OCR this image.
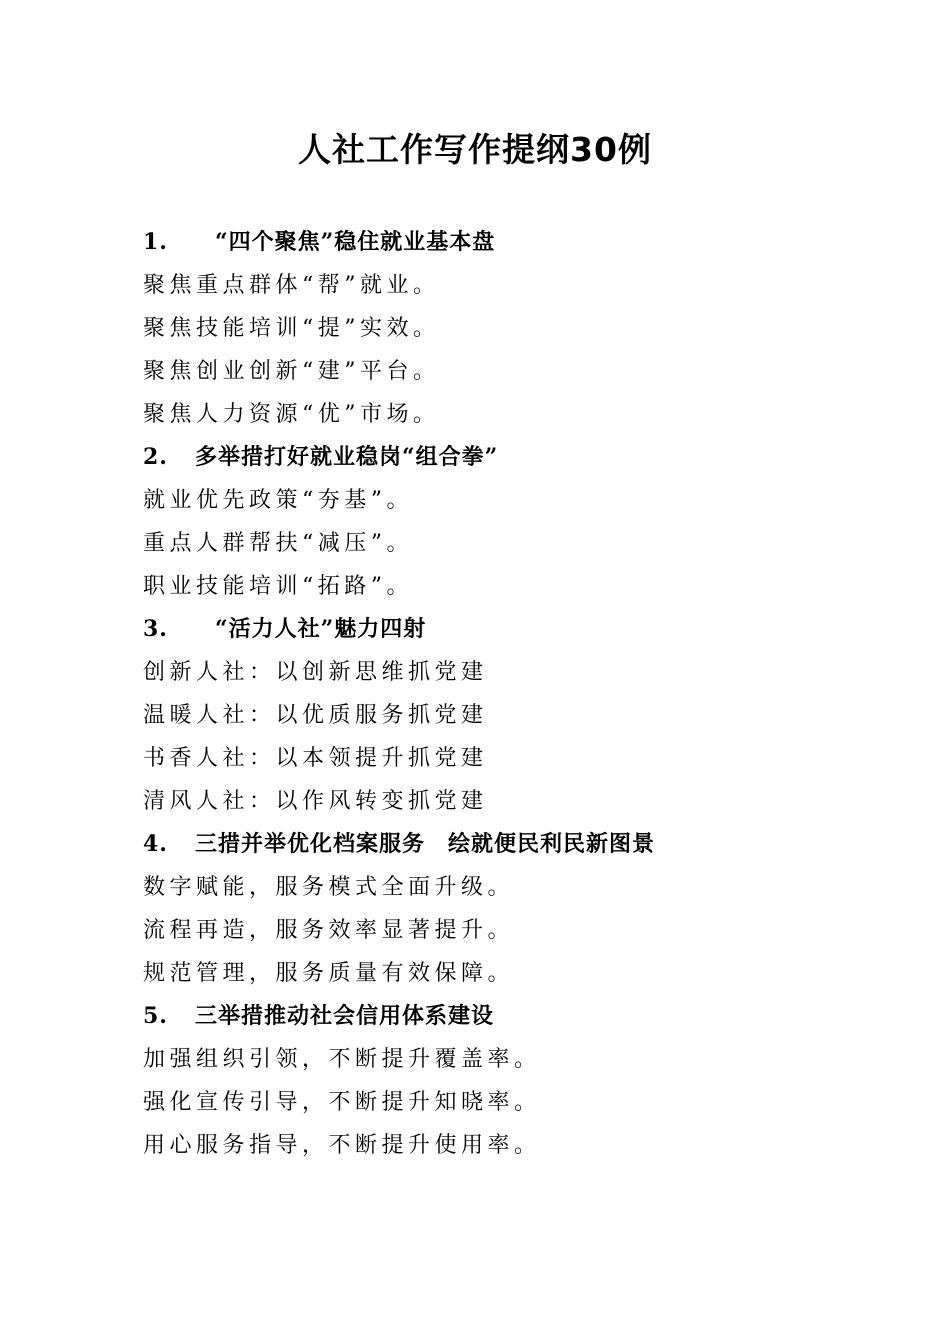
人社工作写作提纲30例
1. “四个聚焦”稳住就业基本盘
聚焦重点群体“帮”就业。
聚焦技能培训“提”实效。
聚焦创业创新“建”平台。
聚焦人力资源“优”市场。
2. 多举措打好就业稳岗“组合拳”
就业优先政策“夯基”。
重点人群帮扶“减压”。
职业技能培训“拓路”。
3. “活力人社”魅力四射
创新人社：以创新思维抓党建
温暖人社：以优质服务抓党建
书香人社：以本领提升抓党建
清风人社：以作风转变抓党建
4. 三措并举优化档案服务　绘就便民利民新图景
数字赋能，服务模式全面升级。
流程再造，服务效率显著提升。
规范管理，服务质量有效保障。
5. 三举措推动社会信用体系建设
加强组织引领，不断提升覆盖率。
强化宣传引导，不断提升知晓率。
用心服务指导，不断提升使用率。
